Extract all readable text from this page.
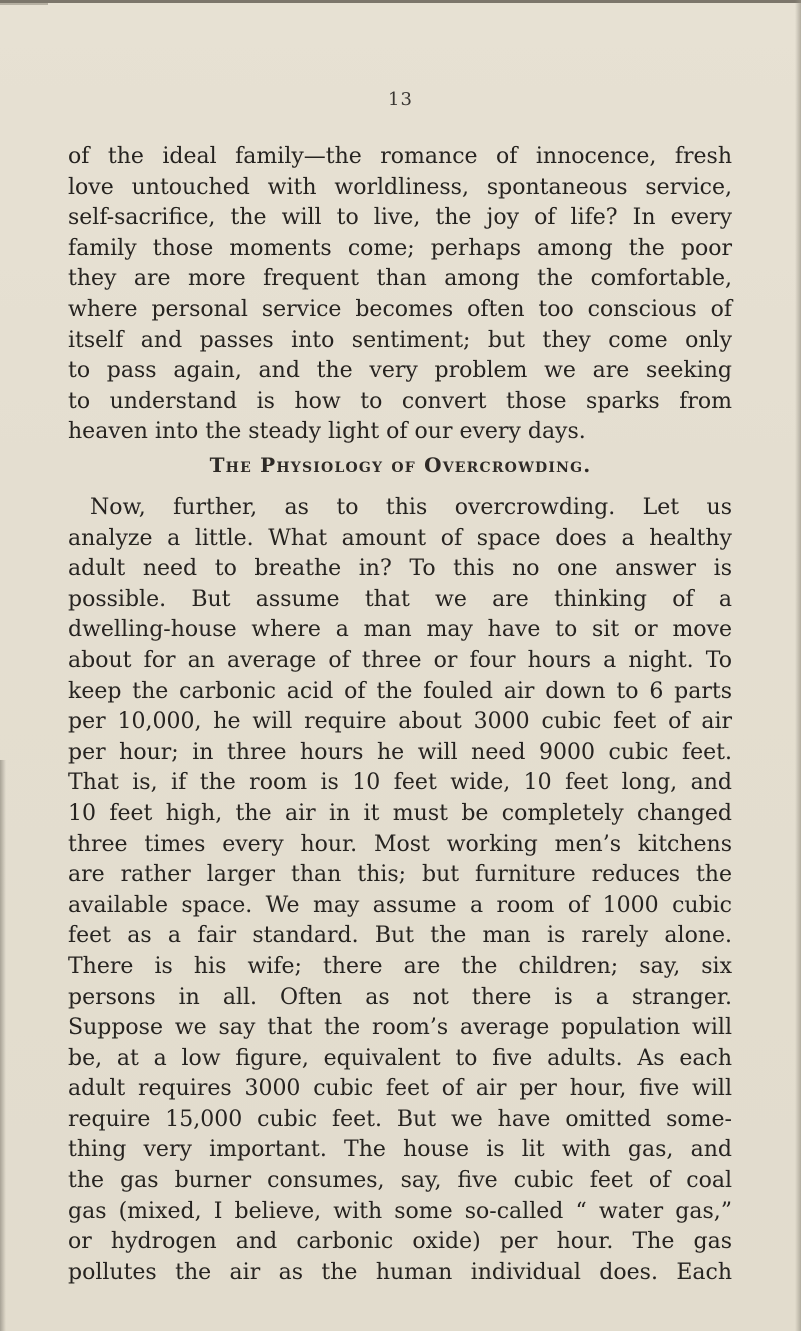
13

of the ideal family—the romance of innocence, fresh
love untouched with worldliness, spontaneous service,
self-sacrifice, the will to live, the joy of life? In every
family those moments come; perhaps among the poor
they are more frequent than among the comfortable,
where personal service becomes often too conscious of
itself and passes into sentiment; but they come only
to pass again, and the very problem we are seeking
to understand is how to convert those sparks from
heaven into the steady light of our every days.

The Physiology of Overcrowding.

Now, further, as to this overcrowding. Let us
analyze a little. What amount of space does a healthy
adult need to breathe in? To this no one answer is
possible. But assume that we are thinking of a
dwelling-house where a man may have to sit or move
about for an average of three or four hours a night. To
keep the carbonic acid of the fouled air down to 6 parts
per 10,000, he will require about 3000 cubic feet of air
per hour; in three hours he will need 9000 cubic feet.
That is, if the room is 10 feet wide, 10 feet long, and
10 feet high, the air in it must be completely changed
three times every hour. Most working men’s kitchens
are rather larger than this; but furniture reduces the
available space. We may assume a room of 1000 cubic
feet as a fair standard. But the man is rarely alone.
There is his wife; there are the children; say, six
persons in all. Often as not there is a stranger.
Suppose we say that the room’s average population will
be, at a low figure, equivalent to five adults. As each
adult requires 3000 cubic feet of air per hour, five will
require 15,000 cubic feet. But we have omitted some-
thing very important. The house is lit with gas, and
the gas burner consumes, say, five cubic feet of coal
gas (mixed, I believe, with some so-called “ water gas,”
or hydrogen and carbonic oxide) per hour. The gas
pollutes the air as the human individual does. Each
